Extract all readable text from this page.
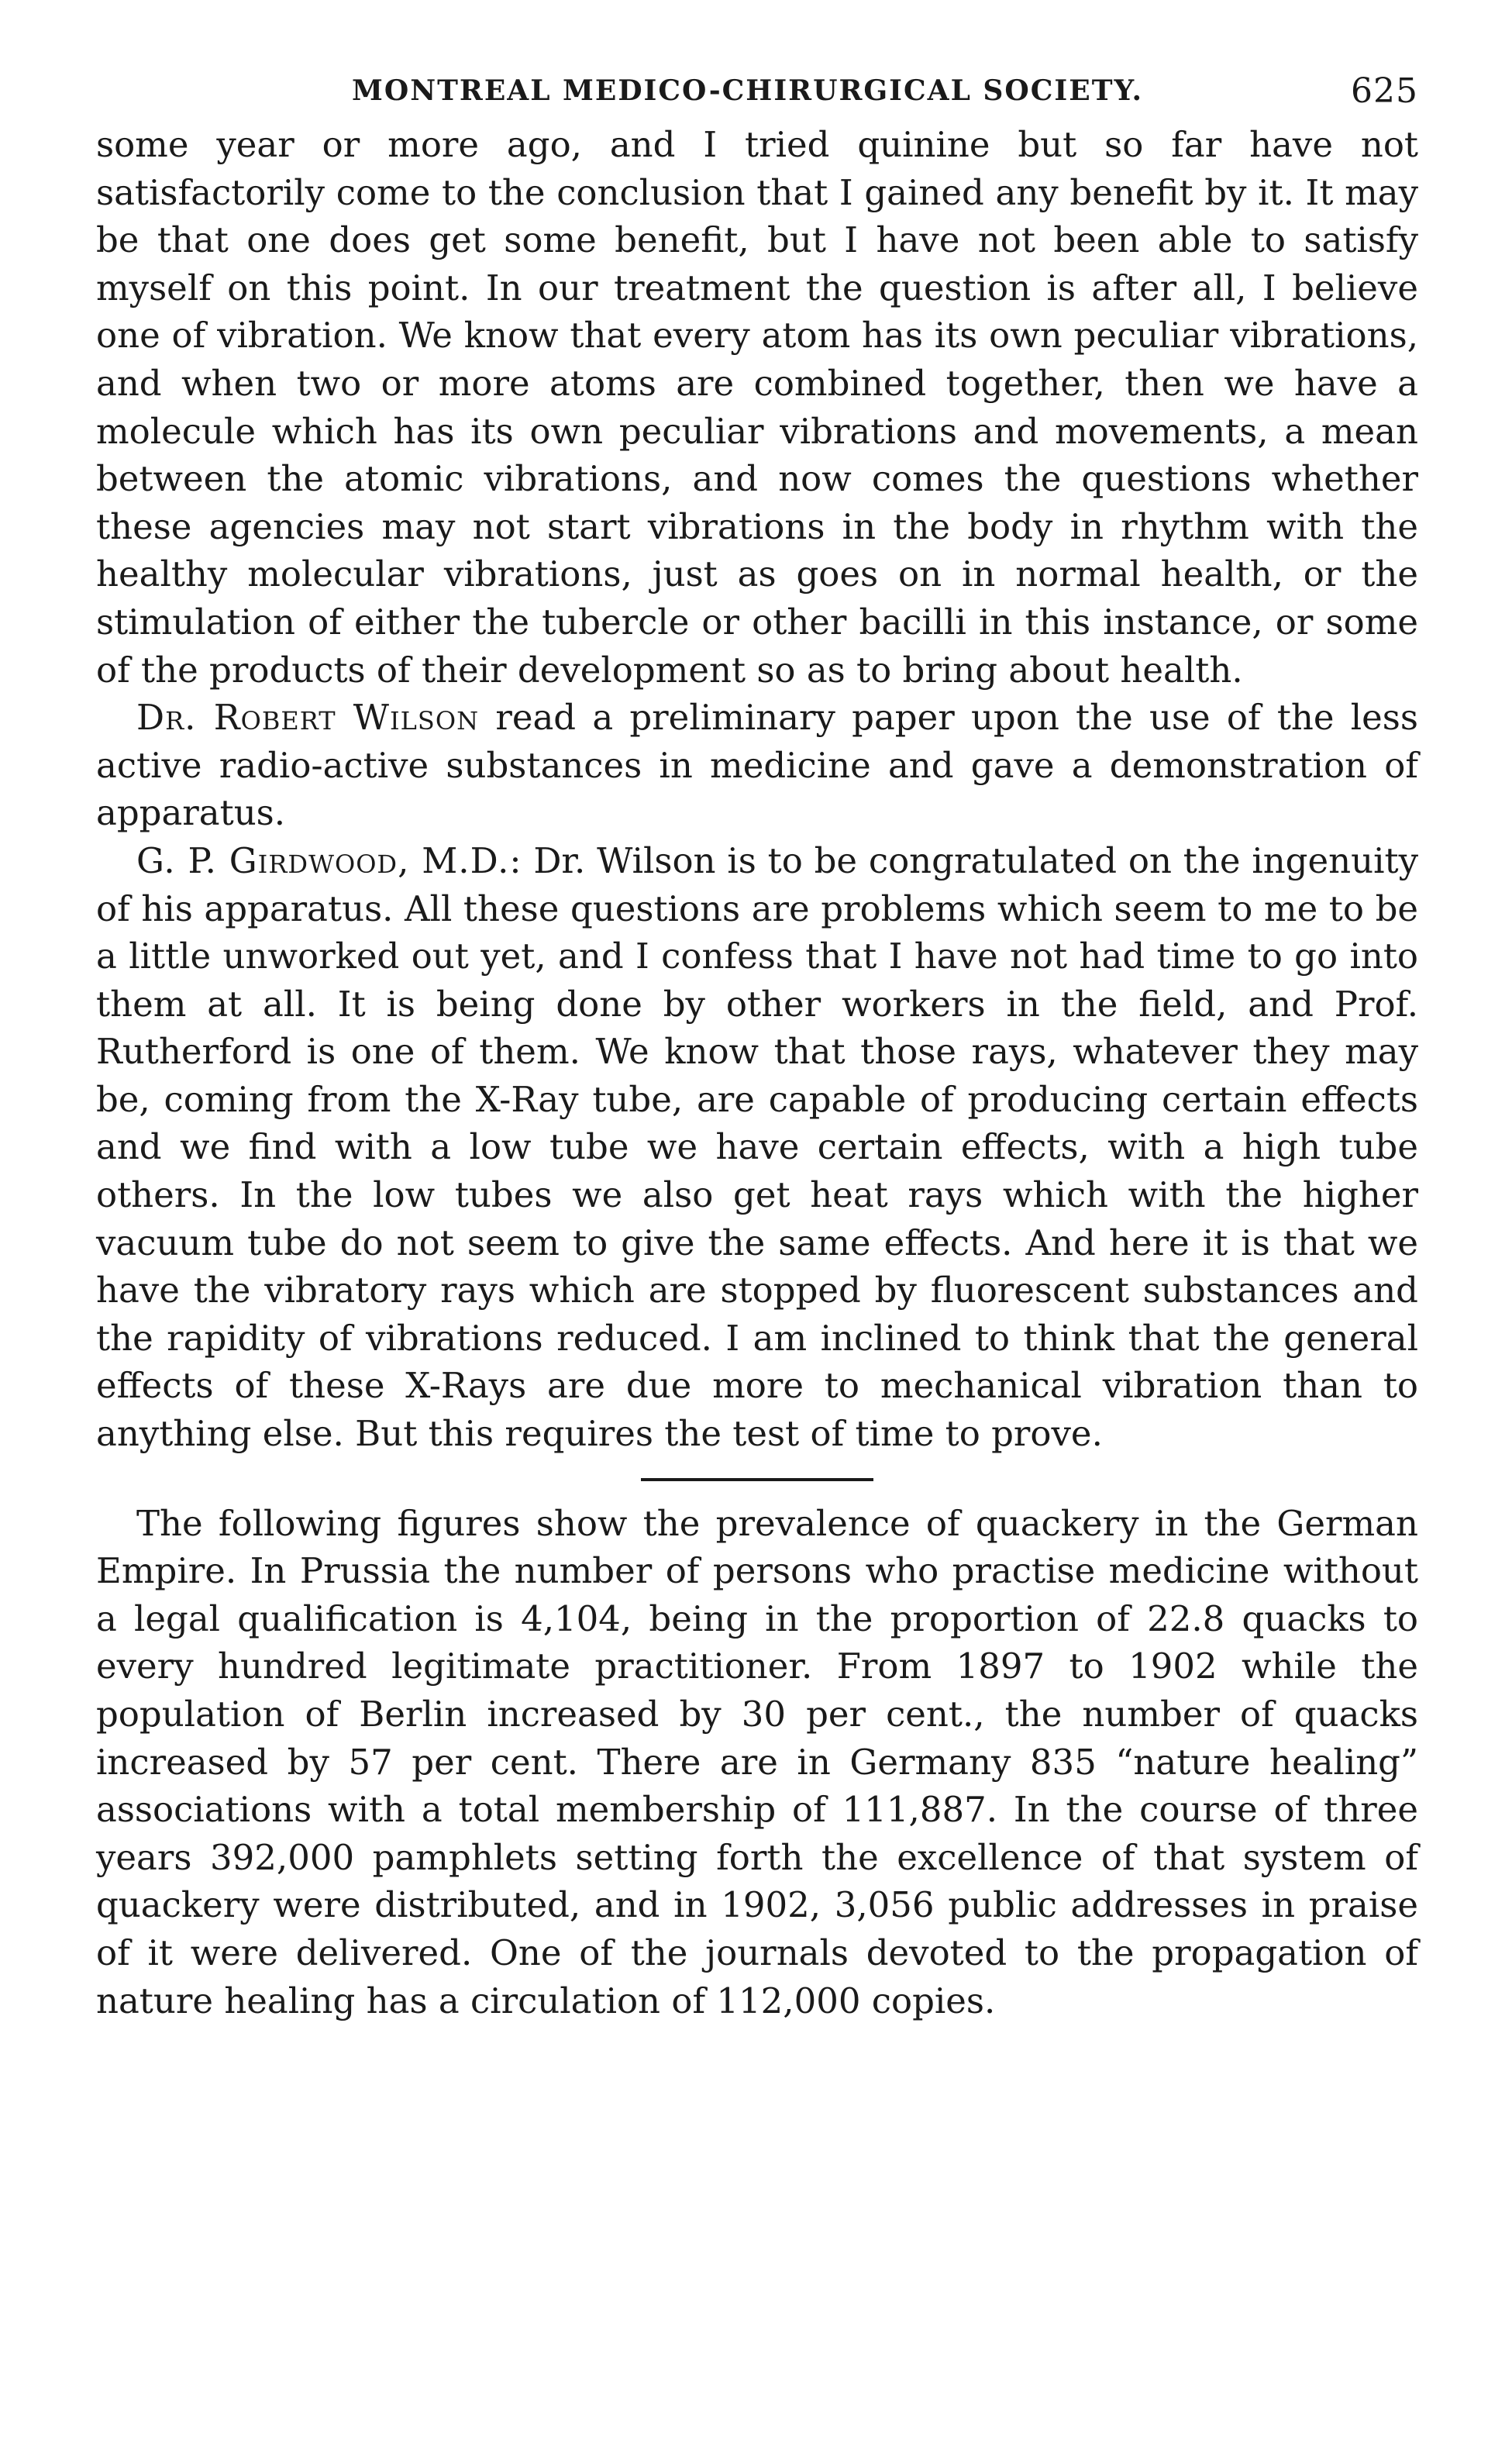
MONTREAL MEDICO-CHIRURGICAL SOCIETY.	625

some year or more ago, and I tried quinine but so far have not satisfactorily come to the conclusion that I gained any benefit by it. It may be that one does get some benefit, but I have not been able to satisfy myself on this point. In our treatment the question is after all, I believe one of vibration. We know that every atom has its own peculiar vibrations, and when two or more atoms are combined together, then we have a molecule which has its own peculiar vibrations and movements, a mean between the atomic vibrations, and now comes the questions whether these agencies may not start vibrations in the body in rhythm with the healthy molecular vibrations, just as goes on in normal health, or the stimulation of either the tubercle or other bacilli in this instance, or some of the products of their development so as to bring about health.

Dr. Robert Wilson read a preliminary paper upon the use of the less active radio-active substances in medicine and gave a demonstration of apparatus.

G. P. Girdwood, M.D.: Dr. Wilson is to be congratulated on the ingenuity of his apparatus. All these questions are problems which seem to me to be a little unworked out yet, and I confess that I have not had time to go into them at all. It is being done by other workers in the field, and Prof. Rutherford is one of them. We know that those rays, whatever they may be, coming from the X-Ray tube, are capable of producing certain effects and we find with a low tube we have certain effects, with a high tube others. In the low tubes we also get heat rays which with the higher vacuum tube do not seem to give the same effects. And here it is that we have the vibratory rays which are stopped by fluorescent substances and the rapidity of vibrations reduced. I am inclined to think that the general effects of these X-Rays are due more to mechanical vibration than to anything else. But this requires the test of time to prove.

The following figures show the prevalence of quackery in the German Empire. In Prussia the number of persons who practise medicine without a legal qualification is 4,104, being in the proportion of 22.8 quacks to every hundred legitimate practitioner. From 1897 to 1902 while the population of Berlin increased by 30 per cent., the number of quacks increased by 57 per cent. There are in Germany 835 “nature healing” associations with a total membership of 111,887. In the course of three years 392,000 pamphlets setting forth the excellence of that system of quackery were distributed, and in 1902, 3,056 public addresses in praise of it were delivered. One of the journals devoted to the propagation of nature healing has a circulation of 112,000 copies.
